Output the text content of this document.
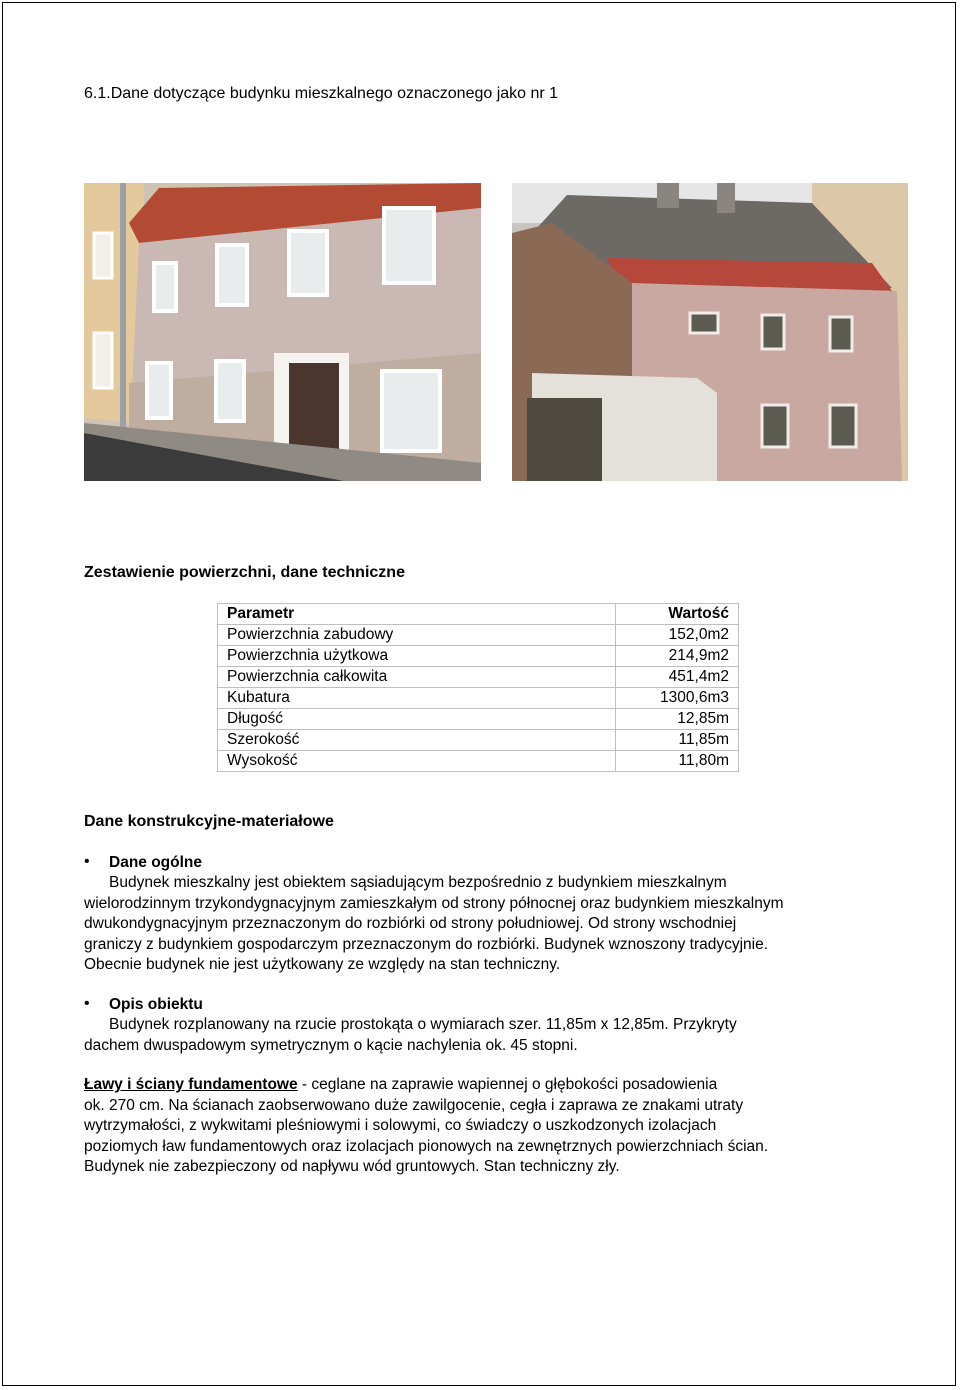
6.1.Dane dotyczące budynku mieszkalnego oznaczonego jako nr 1
Zestawienie powierzchni, dane techniczne
Parametr	Wartość
Powierzchnia zabudowy	152,0m2
Powierzchnia użytkowa	214,9m2
Powierzchnia całkowita	451,4m2
Kubatura	1300,6m3
Długość	12,85m
Szerokość	11,85m
Wysokość	11,80m
Dane konstrukcyjne-materiałowe
• Dane ogólne
Budynek mieszkalny jest obiektem sąsiadującym bezpośrednio z budynkiem mieszkalnym
wielorodzinnym trzykondygnacyjnym zamieszkałym od strony północnej oraz budynkiem mieszkalnym
dwukondygnacyjnym przeznaczonym do rozbiórki od strony południowej. Od strony wschodniej
graniczy z budynkiem gospodarczym przeznaczonym do rozbiórki. Budynek wznoszony tradycyjnie.
Obecnie budynek nie jest użytkowany ze względy na stan techniczny.
• Opis obiektu
Budynek rozplanowany na rzucie prostokąta o wymiarach szer. 11,85m x 12,85m. Przykryty
dachem dwuspadowym symetrycznym o kącie nachylenia ok. 45 stopni.
Ławy i ściany fundamentowe - ceglane na zaprawie wapiennej o głębokości posadowienia
ok. 270 cm. Na ścianach zaobserwowano duże zawilgocenie, cegła i zaprawa ze znakami utraty
wytrzymałości, z wykwitami pleśniowymi i solowymi, co świadczy o uszkodzonych izolacjach
poziomych ław fundamentowych oraz izolacjach pionowych na zewnętrznych powierzchniach ścian.
Budynek nie zabezpieczony od napływu wód gruntowych. Stan techniczny zły.
